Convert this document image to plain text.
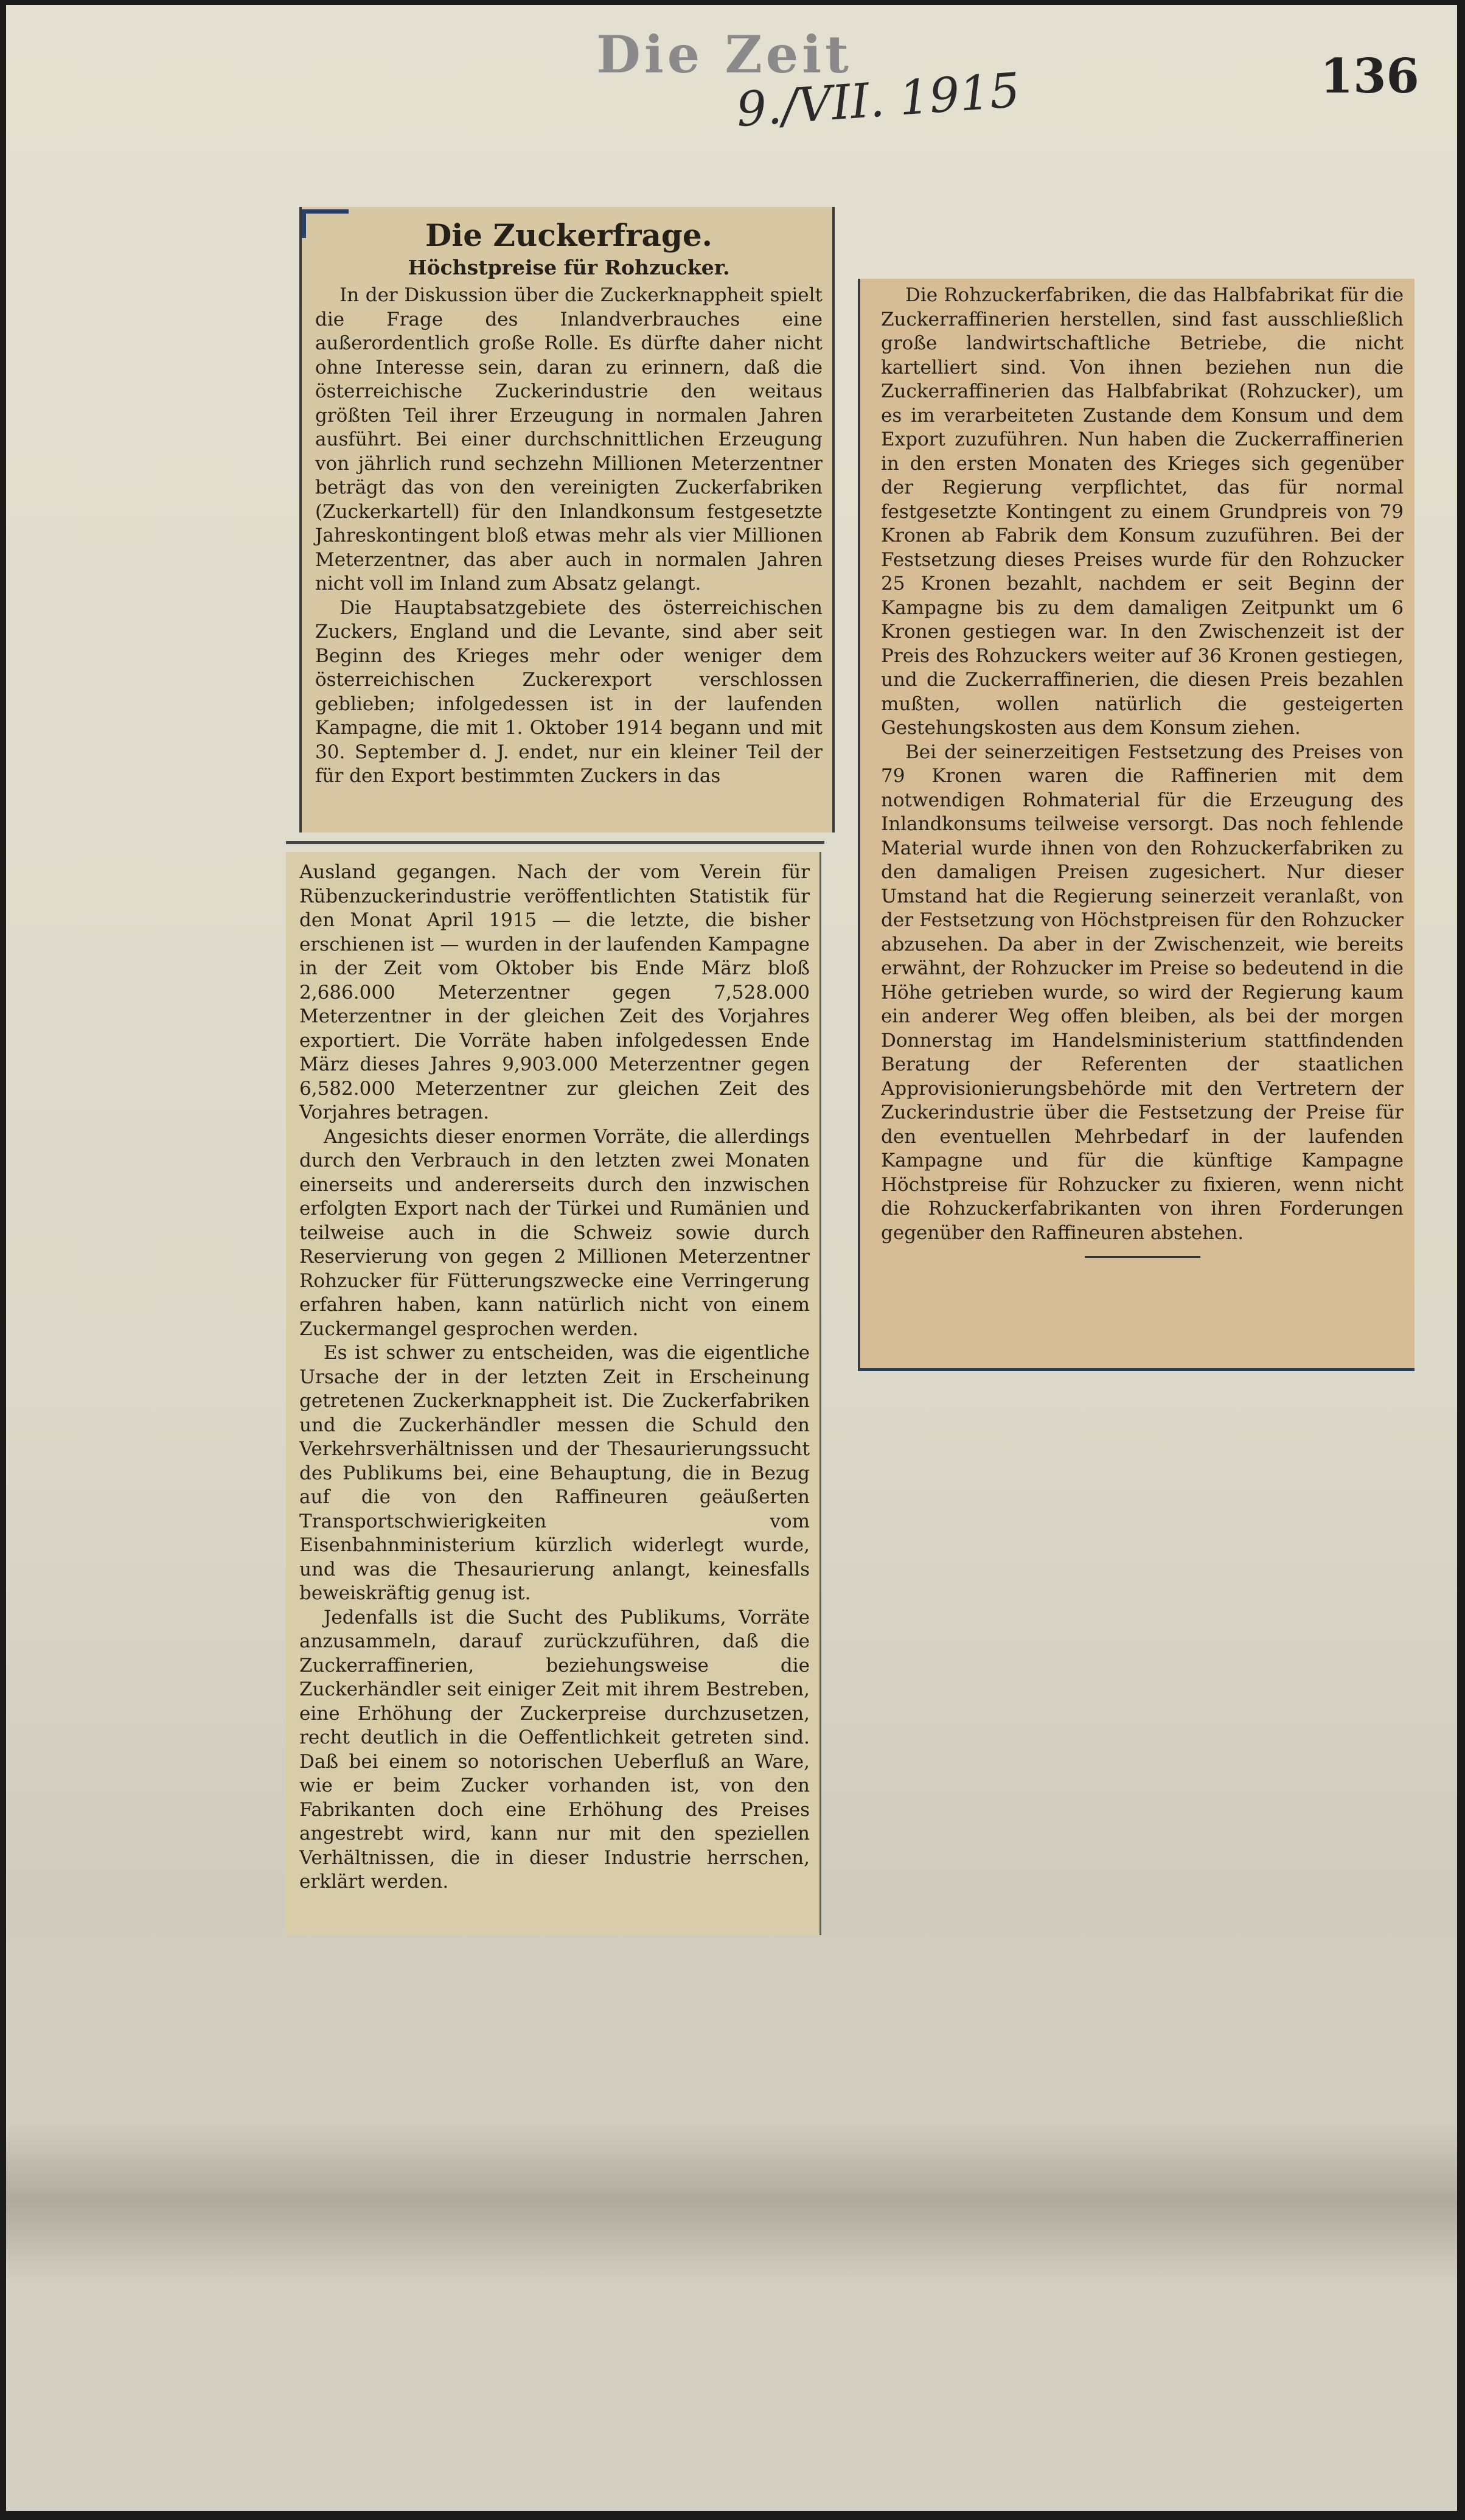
Die Zeit
9./VII. 1915	136
Die Zuckerfrage.
Höchstpreise für Rohzucker.

In der Diskussion über die Zuckerknappheit spielt die Frage des Inlandverbrauches eine außerordentlich große Rolle. Es dürfte daher nicht ohne Interesse sein, daran zu erinnern, daß die österreichische Zuckerindustrie den weitaus größten Teil ihrer Erzeugung in normalen Jahren ausführt. Bei einer durchschnittlichen Erzeugung von jährlich rund sechzehn Millionen Meterzentner beträgt das von den vereinigten Zuckerfabriken (Zuckerkartell) für den Inlandkonsum festgesetzte Jahreskontingent bloß etwas mehr als vier Millionen Meterzentner, das aber auch in normalen Jahren nicht voll im Inland zum Absatz gelangt.

Die Hauptabsatzgebiete des österreichischen Zuckers, England und die Levante, sind aber seit Beginn des Krieges mehr oder weniger dem österreichischen Zuckerexport verschlossen geblieben; infolgedessen ist in der laufenden Kampagne, die mit 1. Oktober 1914 begann und mit 30. September d. J. endet, nur ein kleiner Teil der für den Export bestimmten Zuckers in das

Ausland gegangen. Nach der vom Verein für Rübenzuckerindustrie veröffentlichten Statistik für den Monat April 1915 — die letzte, die bisher erschienen ist — wurden in der laufenden Kampagne in der Zeit vom Oktober bis Ende März bloß 2,686.000 Meterzentner gegen 7,528.000 Meterzentner in der gleichen Zeit des Vorjahres exportiert. Die Vorräte haben infolgedessen Ende März dieses Jahres 9,903.000 Meterzentner gegen 6,582.000 Meterzentner zur gleichen Zeit des Vorjahres betragen.

Angesichts dieser enormen Vorräte, die allerdings durch den Verbrauch in den letzten zwei Monaten einerseits und andererseits durch den inzwischen erfolgten Export nach der Türkei und Rumänien und teilweise auch in die Schweiz sowie durch Reservierung von gegen 2 Millionen Meterzentner Rohzucker für Fütterungszwecke eine Verringerung erfahren haben, kann natürlich nicht von einem Zuckermangel gesprochen werden.

Es ist schwer zu entscheiden, was die eigentliche Ursache der in der letzten Zeit in Erscheinung getretenen Zuckerknappheit ist. Die Zuckerfabriken und die Zuckerhändler messen die Schuld den Verkehrsverhältnissen und der Thesaurierungssucht des Publikums bei, eine Behauptung, die in Bezug auf die von den Raffineuren geäußerten Transportschwierigkeiten vom Eisenbahnministerium kürzlich widerlegt wurde, und was die Thesaurierung anlangt, keinesfalls beweiskräftig genug ist.

Jedenfalls ist die Sucht des Publikums, Vorräte anzusammeln, darauf zurückzuführen, daß die Zuckerraffinerien, beziehungsweise die Zuckerhändler seit einiger Zeit mit ihrem Bestreben, eine Erhöhung der Zuckerpreise durchzusetzen, recht deutlich in die Oeffentlichkeit getreten sind. Daß bei einem so notorischen Ueberfluß an Ware, wie er beim Zucker vorhanden ist, von den Fabrikanten doch eine Erhöhung des Preises angestrebt wird, kann nur mit den speziellen Verhältnissen, die in dieser Industrie herrschen, erklärt werden.

Die Rohzuckerfabriken, die das Halbfabrikat für die Zuckerraffinerien herstellen, sind fast ausschließlich große landwirtschaftliche Betriebe, die nicht kartelliert sind. Von ihnen beziehen nun die Zuckerraffinerien das Halbfabrikat (Rohzucker), um es im verarbeiteten Zustande dem Konsum und dem Export zuzuführen. Nun haben die Zuckerraffinerien in den ersten Monaten des Krieges sich gegenüber der Regierung verpflichtet, das für normal festgesetzte Kontingent zu einem Grundpreis von 79 Kronen ab Fabrik dem Konsum zuzuführen. Bei der Festsetzung dieses Preises wurde für den Rohzucker 25 Kronen bezahlt, nachdem er seit Beginn der Kampagne bis zu dem damaligen Zeitpunkt um 6 Kronen gestiegen war. In den Zwischenzeit ist der Preis des Rohzuckers weiter auf 36 Kronen gestiegen, und die Zuckerraffinerien, die diesen Preis bezahlen mußten, wollen natürlich die gesteigerten Gestehungskosten aus dem Konsum ziehen.

Bei der seinerzeitigen Festsetzung des Preises von 79 Kronen waren die Raffinerien mit dem notwendigen Rohmaterial für die Erzeugung des Inlandkonsums teilweise versorgt. Das noch fehlende Material wurde ihnen von den Rohzuckerfabriken zu den damaligen Preisen zugesichert. Nur dieser Umstand hat die Regierung seinerzeit veranlaßt, von der Festsetzung von Höchstpreisen für den Rohzucker abzusehen. Da aber in der Zwischenzeit, wie bereits erwähnt, der Rohzucker im Preise so bedeutend in die Höhe getrieben wurde, so wird der Regierung kaum ein anderer Weg offen bleiben, als bei der morgen Donnerstag im Handelsministerium stattfindenden Beratung der Referenten der staatlichen Approvisionierungsbehörde mit den Vertretern der Zuckerindustrie über die Festsetzung der Preise für den eventuellen Mehrbedarf in der laufenden Kampagne und für die künftige Kampagne Höchstpreise für Rohzucker zu fixieren, wenn nicht die Rohzuckerfabrikanten von ihren Forderungen gegenüber den Raffineuren abstehen.
